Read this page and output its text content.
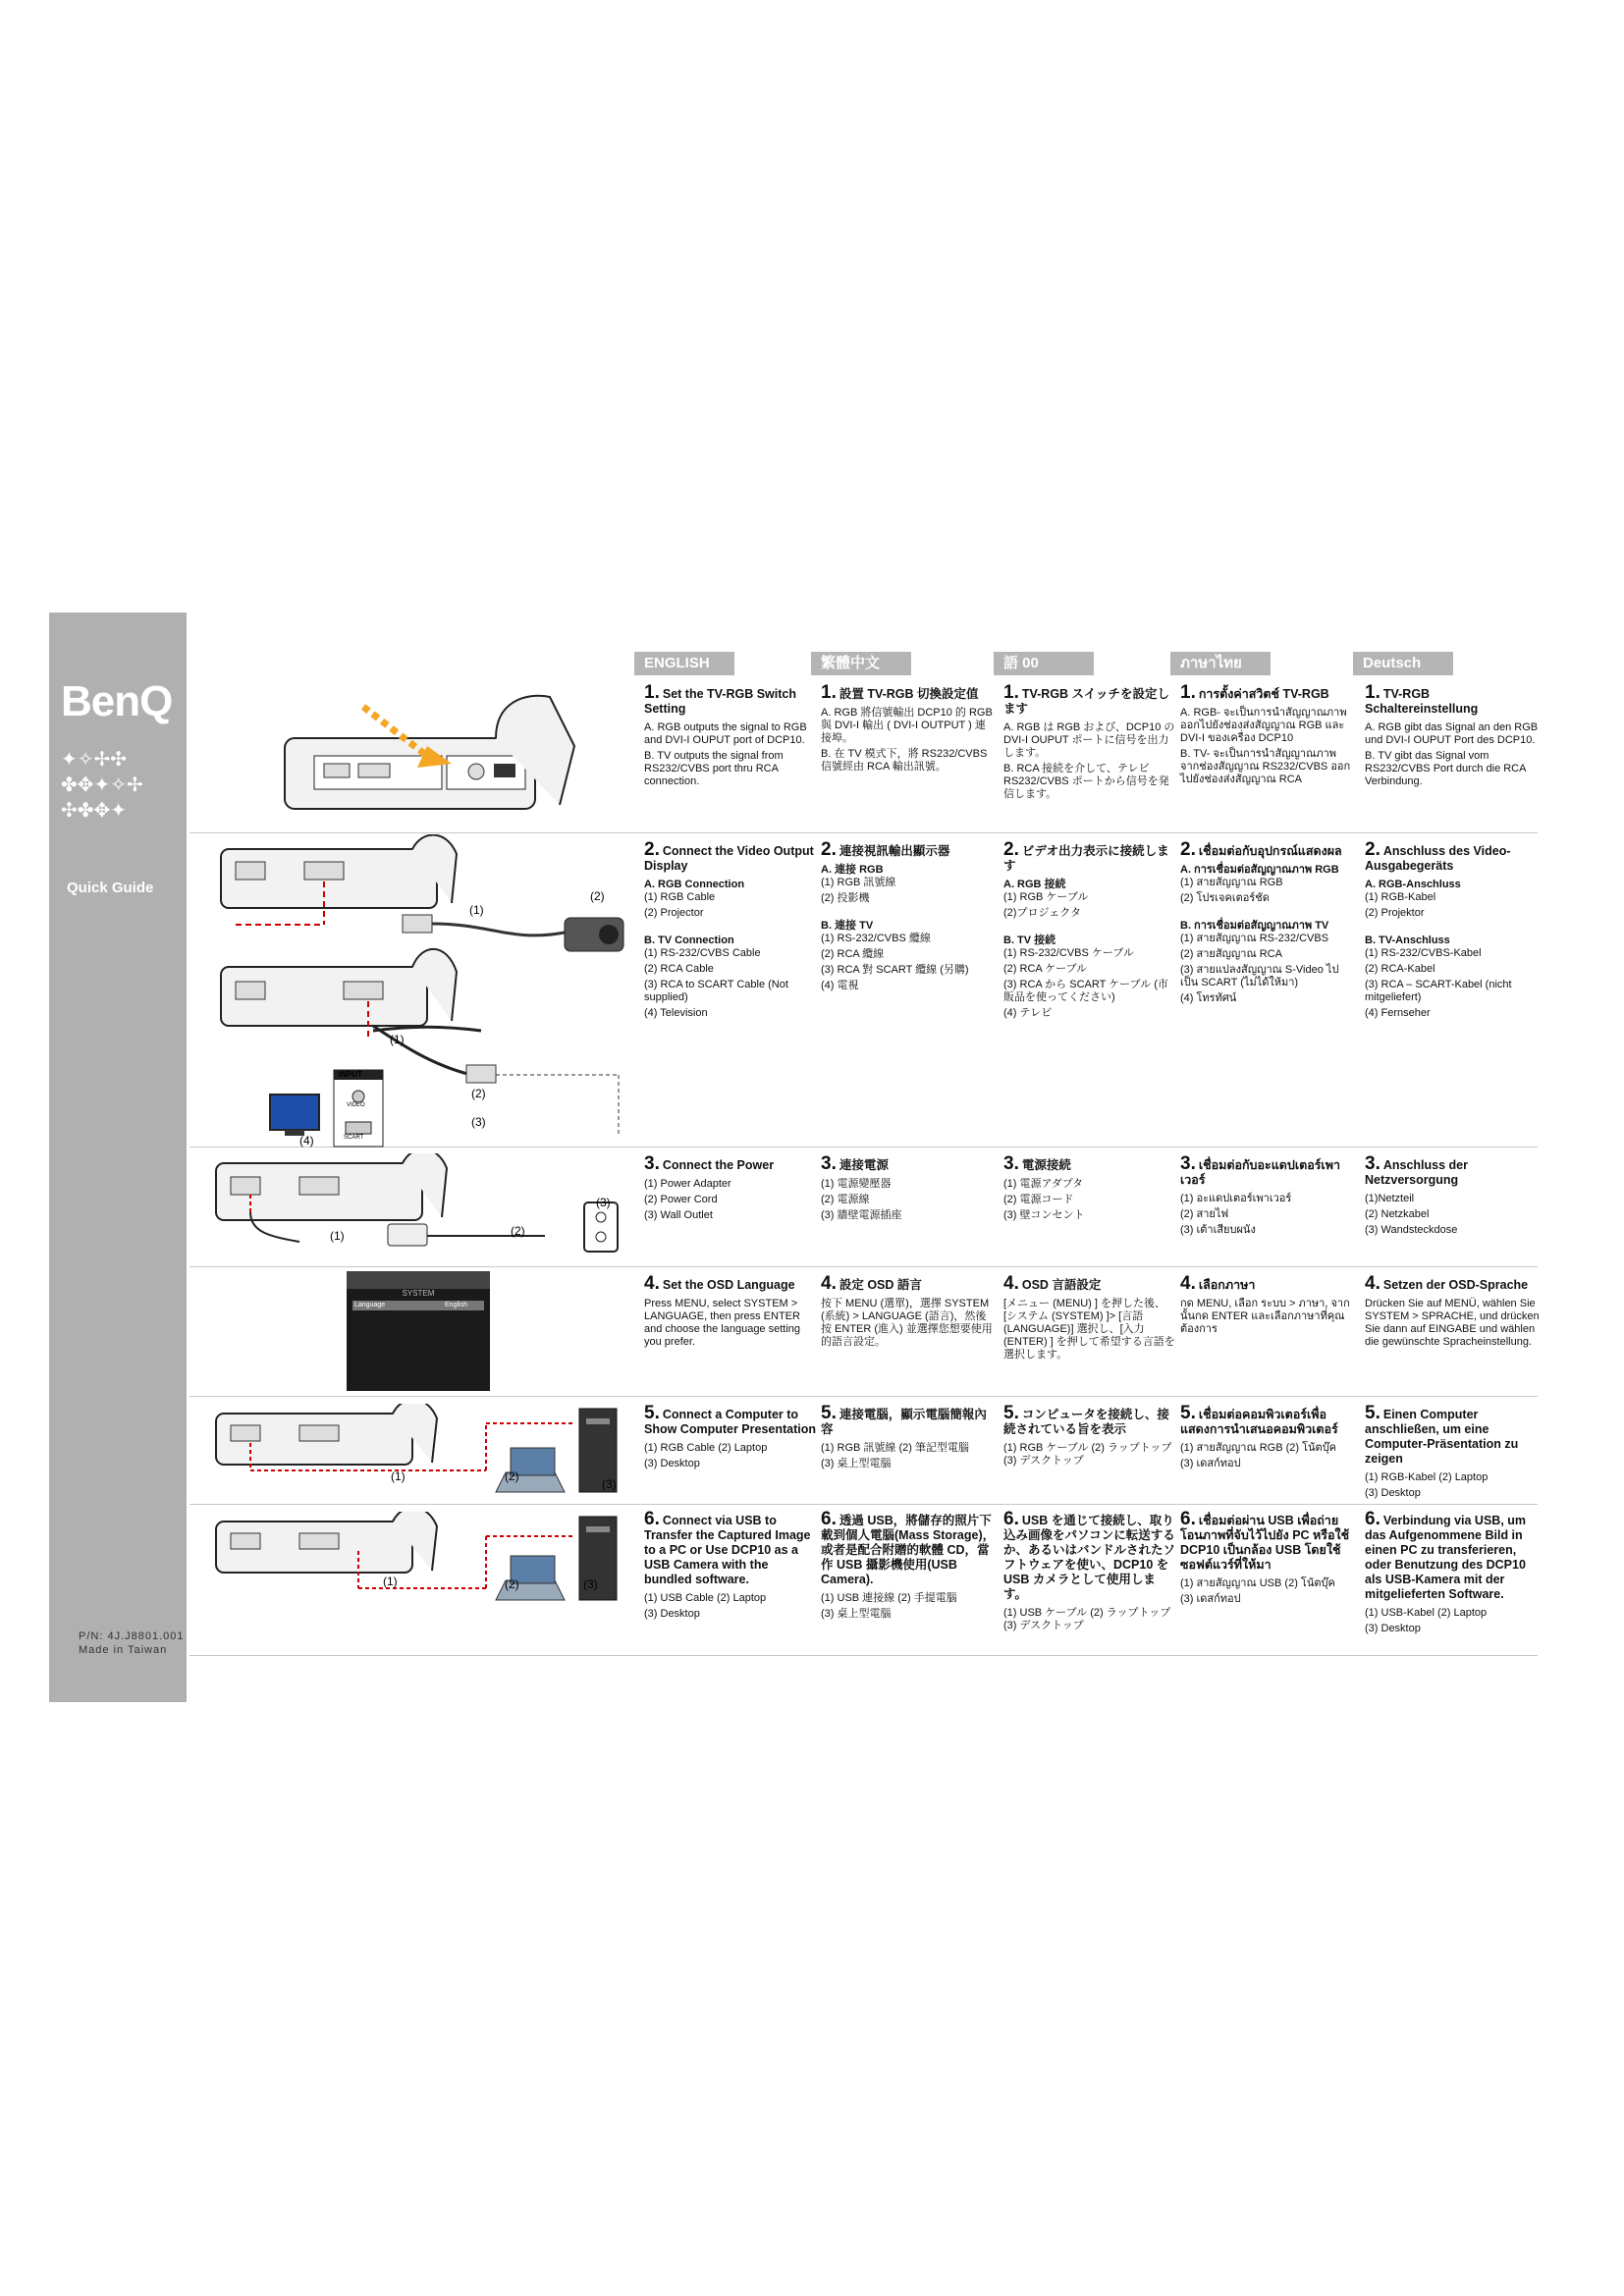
BenQ
✦✧✢✣
✤✥✦✧✢
✣✤✥✦
Quick Guide
P/N: 4J.J8801.001
Made in Taiwan
ENGLISH	繁體中文	語 00	ภาษาไทย	Deutsch
(1)
(2)
(1)
(2)
(3)
(4)
INPUT
VIDEO
SCART
(1)	(2)
(3)
SYSTEM
Language	English
(1)	(2)
(3)
(1)	(2)	(3)
1. Set the TV-RGB Switch Setting

A. RGB outputs the signal to RGB and DVI-I OUPUT port of DCP10.

B. TV outputs the signal from RS232/CVBS port thru RCA connection.

1. 設置 TV-RGB 切換設定值

A. RGB 將信號輸出 DCP10 的 RGB 與 DVI-I 輸出 ( DVI-I OUTPUT ) 連接埠。

B. 在 TV 模式下，將 RS232/CVBS 信號經由 RCA 輸出訊號。

1. TV-RGB スイッチを設定します

A. RGB は RGB および、DCP10 の DVI-I OUPUT ポートに信号を出力します。

B. RCA 接続を介して、テレビ RS232/CVBS ポートから信号を発信します。

1. การตั้งค่าสวิตช์ TV-RGB

A. RGB- จะเป็นการนำสัญญาณภาพออกไปยังช่องส่งสัญญาณ RGB และ DVI-I ของเครื่อง DCP10

B. TV- จะเป็นการนำสัญญาณภาพจากช่องสัญญาณ RS232/CVBS ออกไปยังช่องส่งสัญญาณ RCA

1. TV-RGB Schaltereinstellung

A. RGB gibt das Signal an den RGB und DVI-I OUPUT Port des DCP10.

B. TV gibt das Signal vom RS232/CVBS Port durch die RCA Verbindung.

2. Connect the Video Output Display
A. RGB Connection

(1) RGB Cable

(2) Projector

B. TV Connection

(1) RS-232/CVBS Cable

(2) RCA Cable

(3) RCA to SCART Cable (Not supplied)

(4) Television

2. 連接視訊輸出顯示器
A. 連接 RGB

(1) RGB 訊號線

(2) 投影機

B. 連接 TV

(1) RS-232/CVBS 纜線

(2) RCA 纜線

(3) RCA 對 SCART 纜線 (另購)

(4) 電視

2. ビデオ出力表示に接続します
A. RGB 接続

(1) RGB ケーブル

(2)プロジェクタ

B. TV 接続

(1) RS-232/CVBS ケーブル

(2) RCA ケーブル

(3) RCA から SCART ケーブル (市販品を使ってください)

(4) テレビ

2. เชื่อมต่อกับอุปกรณ์แสดงผล
A. การเชื่อมต่อสัญญาณภาพ RGB

(1) สายสัญญาณ RGB

(2) โปรเจคเตอร์ชัด

B. การเชื่อมต่อสัญญาณภาพ TV

(1) สายสัญญาณ RS-232/CVBS

(2) สายสัญญาณ RCA

(3) สายแปลงสัญญาณ S-Video ไปเป็น SCART (ไม่ได้ให้มา)

(4) โทรทัศน์

2. Anschluss des Video-Ausgabegeräts
A. RGB-Anschluss

(1) RGB-Kabel

(2) Projektor

B. TV-Anschluss

(1) RS-232/CVBS-Kabel

(2) RCA-Kabel

(3) RCA – SCART-Kabel (nicht mitgeliefert)

(4) Fernseher

3. Connect the Power

(1) Power Adapter

(2) Power Cord

(3) Wall Outlet

3. 連接電源

(1) 電源變壓器

(2) 電源線

(3) 牆壁電源插座

3. 電源接続

(1) 電源アダプタ

(2) 電源コード

(3) 壁コンセント

3. เชื่อมต่อกับอะแดปเตอร์เพาเวอร์

(1) อะแดปเตอร์เพาเวอร์

(2) สายไฟ

(3) เต้าเสียบผนัง

3. Anschluss der Netzversorgung

(1)Netzteil

(2) Netzkabel

(3) Wandsteckdose

4. Set the OSD Language

Press MENU, select SYSTEM > LANGUAGE, then press ENTER and choose the language setting you prefer.

4. 設定 OSD 語言

按下 MENU (選單)，選擇 SYSTEM (系統) > LANGUAGE (語言)，然後按 ENTER (進入) 並選擇您想要使用的語言設定。

4. OSD 言語設定

[メニュー (MENU) ] を押した後、[システム (SYSTEM) ]> [言語 (LANGUAGE)] 選択し、[入力 (ENTER) ] を押して希望する言語を選択します。

4. เลือกภาษา

กด MENU, เลือก ระบบ > ภาษา, จากนั้นกด ENTER และเลือกภาษาที่คุณต้องการ

4. Setzen der OSD-Sprache

Drücken Sie auf MENÜ, wählen Sie SYSTEM > SPRACHE, und drücken Sie dann auf EINGABE und wählen die gewünschte Spracheinstellung.

5. Connect a Computer to Show Computer Presentation

(1) RGB Cable (2) Laptop

(3) Desktop

5. 連接電腦，顯示電腦簡報內容

(1) RGB 訊號線 (2) 筆記型電腦

(3) 桌上型電腦

5. コンピュータを接続し、接続されている旨を表示

(1) RGB ケーブル (2) ラップトップ (3) デスクトップ

5. เชื่อมต่อคอมพิวเตอร์เพื่อแสดงการนำเสนอคอมพิวเตอร์

(1) สายสัญญาณ RGB (2) โน้ตบุ๊ค

(3) เดสก์ทอป

5. Einen Computer anschließen, um eine Computer-Präsentation zu zeigen

(1) RGB-Kabel (2) Laptop

(3) Desktop

6. Connect via USB to Transfer the Captured Image to a PC or Use DCP10 as a USB Camera with the bundled software.

(1) USB Cable (2) Laptop

(3) Desktop

6. 透過 USB，將儲存的照片下載到個人電腦(Mass Storage)，或者是配合附贈的軟體 CD，當作 USB 攝影機使用(USB Camera).

(1) USB 連接線 (2) 手提電腦

(3) 桌上型電腦

6. USB を通じて接続し、取り込み画像をパソコンに転送するか、あるいはバンドルされたソフトウェアを使い、DCP10 を USB カメラとして使用します。

(1) USB ケーブル (2) ラップトップ (3) デスクトップ

6. เชื่อมต่อผ่าน USB เพื่อถ่ายโอนภาพที่จับไว้ไปยัง PC หรือใช้ DCP10 เป็นกล้อง USB โดยใช้ซอฟต์แวร์ที่ให้มา

(1) สายสัญญาณ USB (2) โน้ตบุ๊ค

(3) เดสก์ทอป

6. Verbindung via USB, um das Aufgenommene Bild in einen PC zu transferieren, oder Benutzung des DCP10 als USB-Kamera mit der mitgelieferten Software.

(1) USB-Kabel (2) Laptop

(3) Desktop
